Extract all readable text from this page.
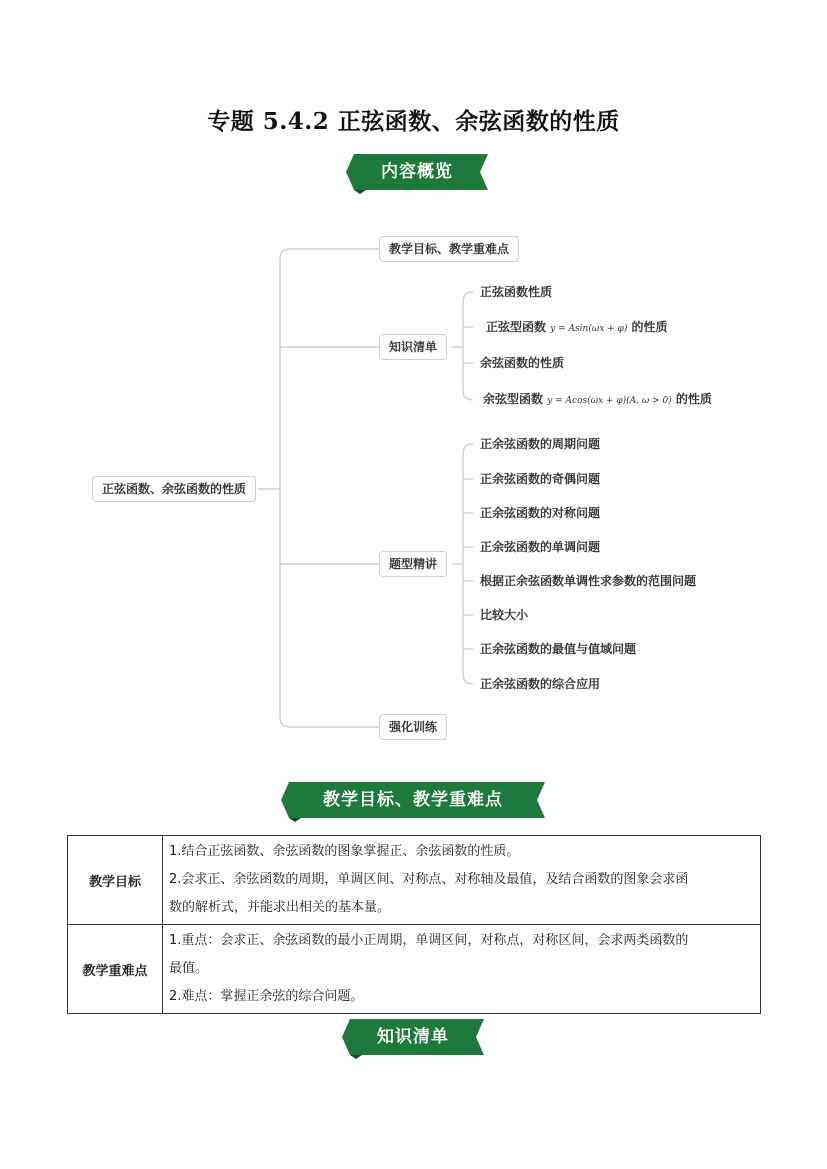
专题 5.4.2 正弦函数、余弦函数的性质
内容概览
正弦函数、余弦函数的性质
教学目标、教学重难点
知识清单
题型精讲
强化训练
正弦函数性质
正弦型函数 y = Asin(ωx + φ) 的性质
余弦函数的性质
余弦型函数 y = Acos(ωx + φ)(A, ω > 0) 的性质
正余弦函数的周期问题
正余弦函数的奇偶问题
正余弦函数的对称问题
正余弦函数的单调问题
根据正余弦函数单调性求参数的范围问题
比较大小
正余弦函数的最值与值域问题
正余弦函数的综合应用
教学目标、教学重难点
教学目标	1.结合正弦函数、余弦函数的图象掌握正、余弦函数的性质。

2.会求正、余弦函数的周期，单调区间、对称点、对称轴及最值，及结合函数的图象会求函

数的解析式，并能求出相关的基本量。

教学重难点	1.重点：会求正、余弦函数的最小正周期，单调区间，对称点，对称区间，会求两类函数的

最值。

2.难点：掌握正余弦的综合问题。

知识清单
